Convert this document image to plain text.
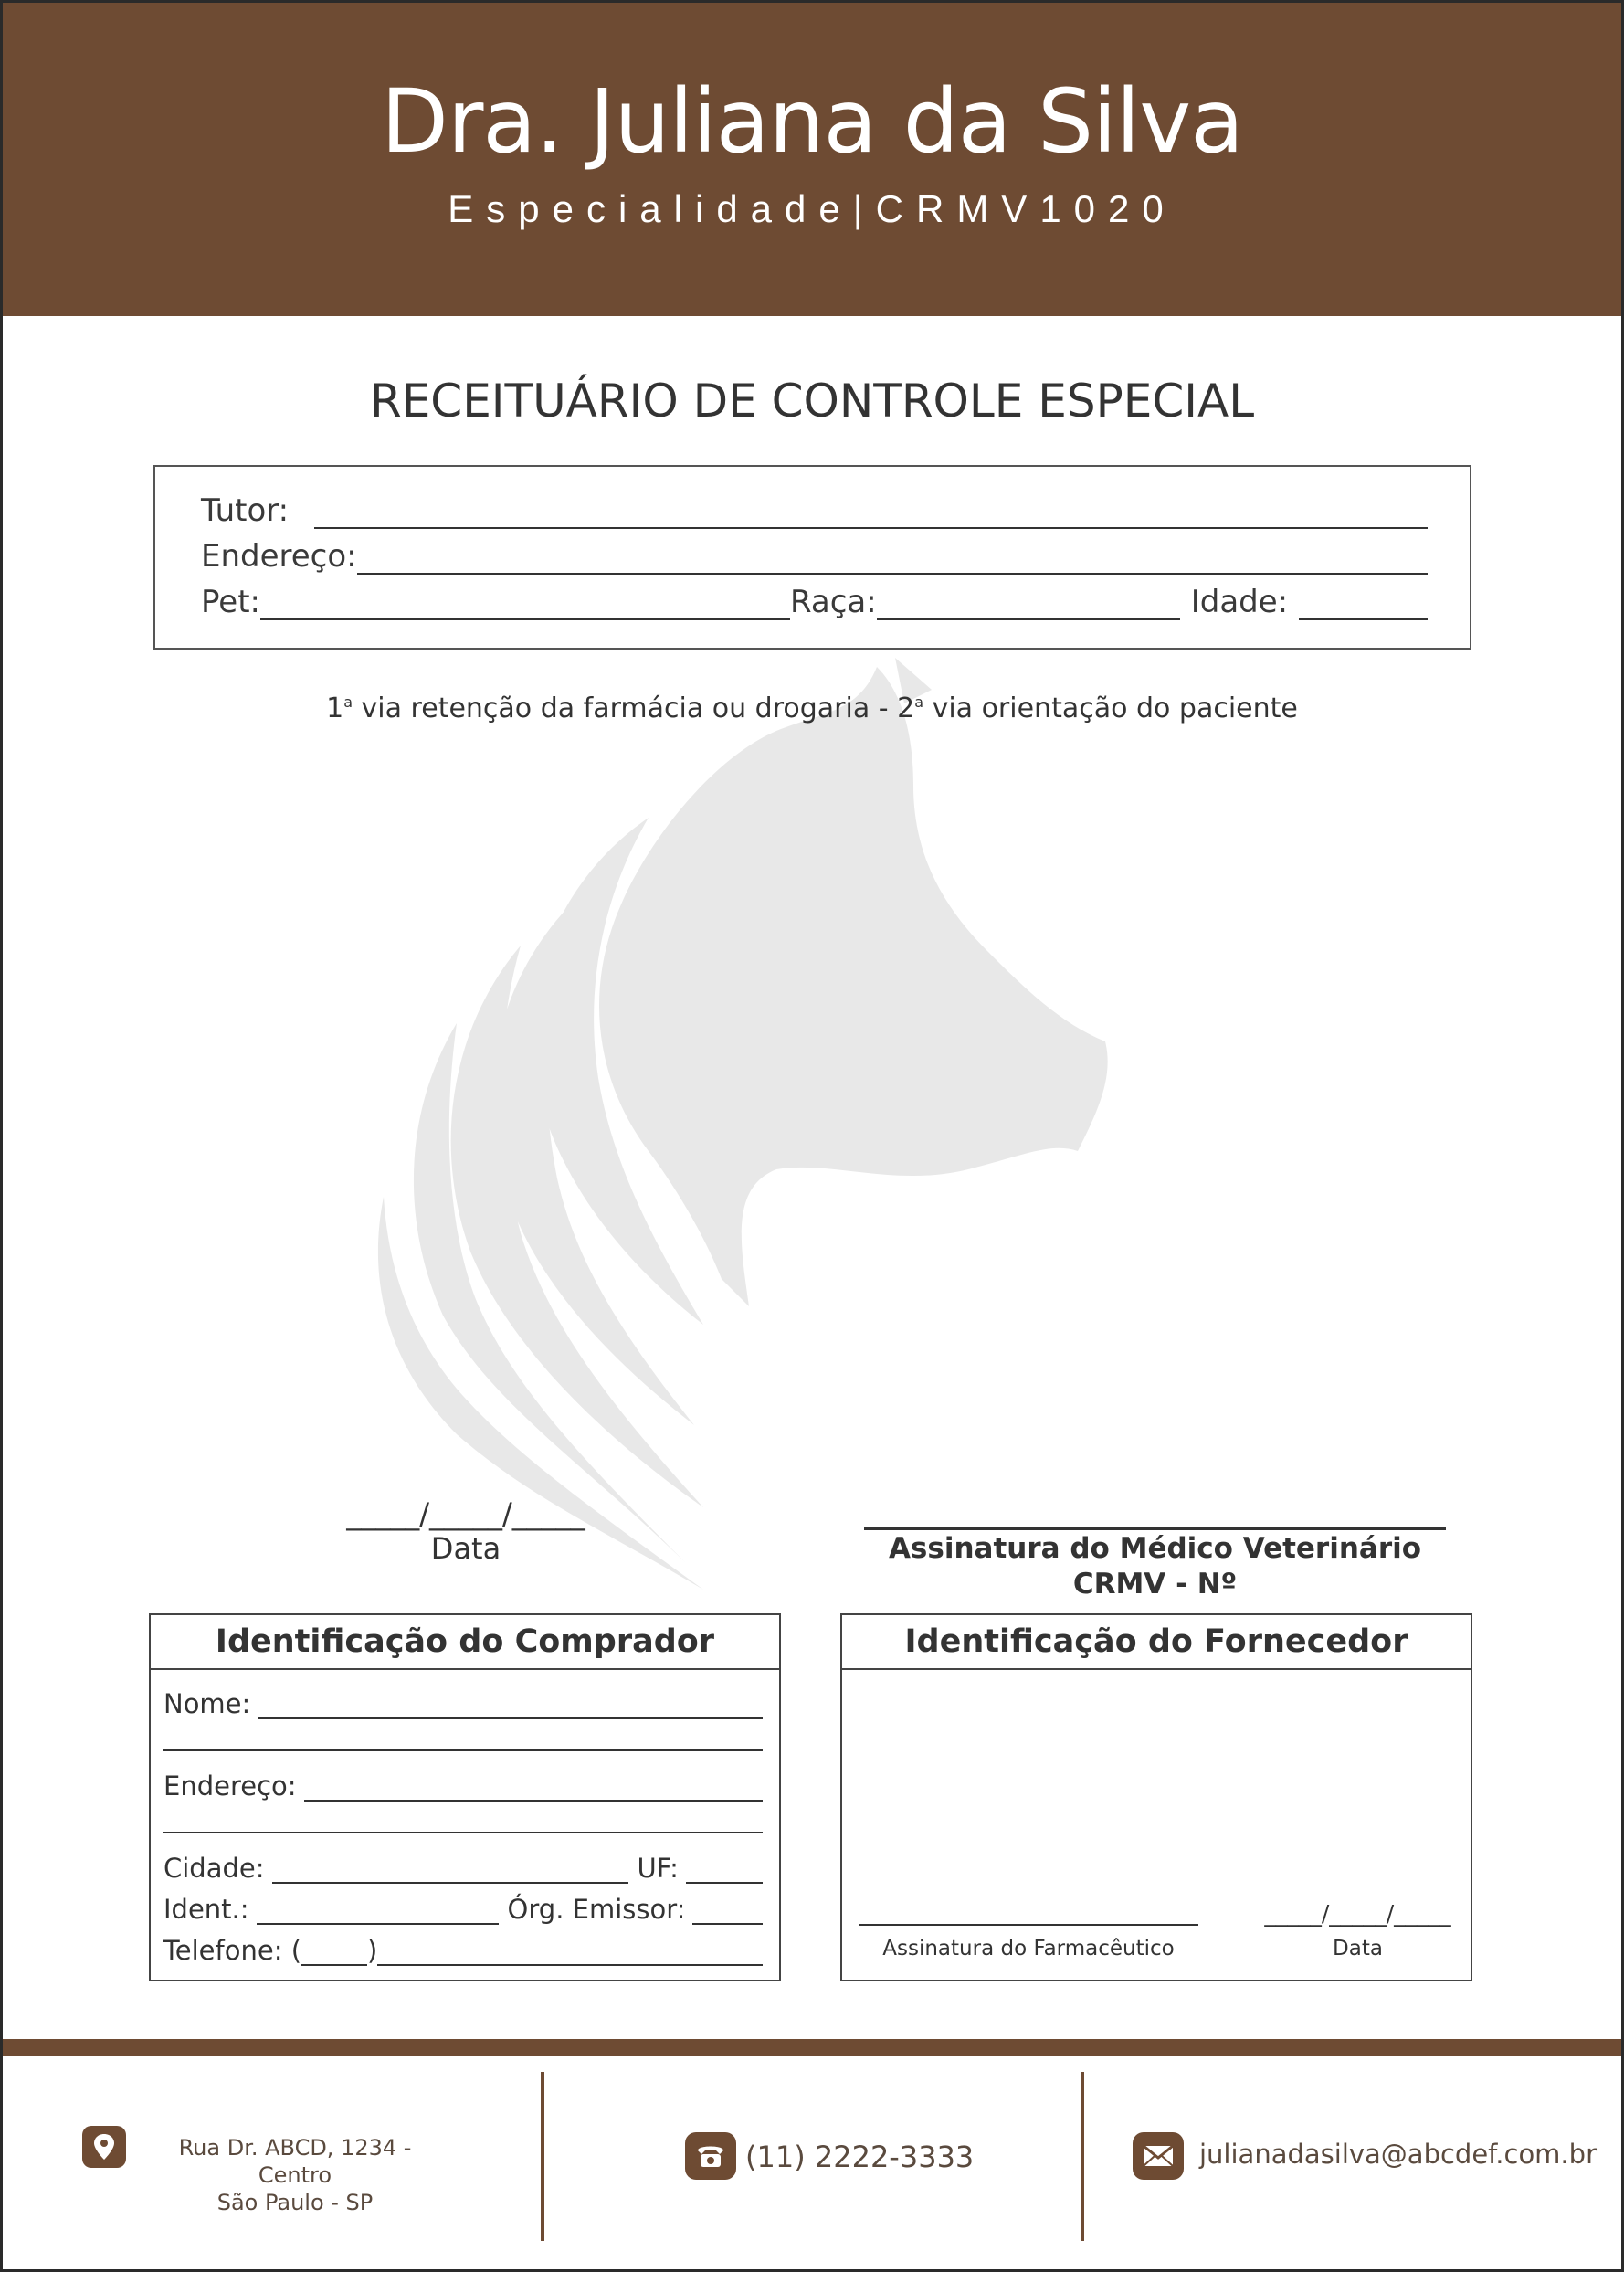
Dra. Juliana da Silva
Especialidade|CRMV1020
RECEITUÁRIO DE CONTROLE ESPECIAL
Tutor:
Endereço:
Pet:	Raça:	Idade:
1$^a$ via retenção da farmácia ou drogaria - 2$^a$ via orientação do paciente
_____/_____/_____
Data	Assinatura do Médico Veterinário
CRMV - Nº
Identificação do Comprador
Nome:
Endereço:
Cidade:	UF:
Ident.:	Órg. Emissor:
Telefone: ( )
Identificação do Fornecedor
Assinatura do Farmacêutico
_____/_____/_____
Data
Rua Dr. ABCD, 1234 - Centro
São Paulo - SP
(11) 2222-3333	julianadasilva@abcdef.com.br
